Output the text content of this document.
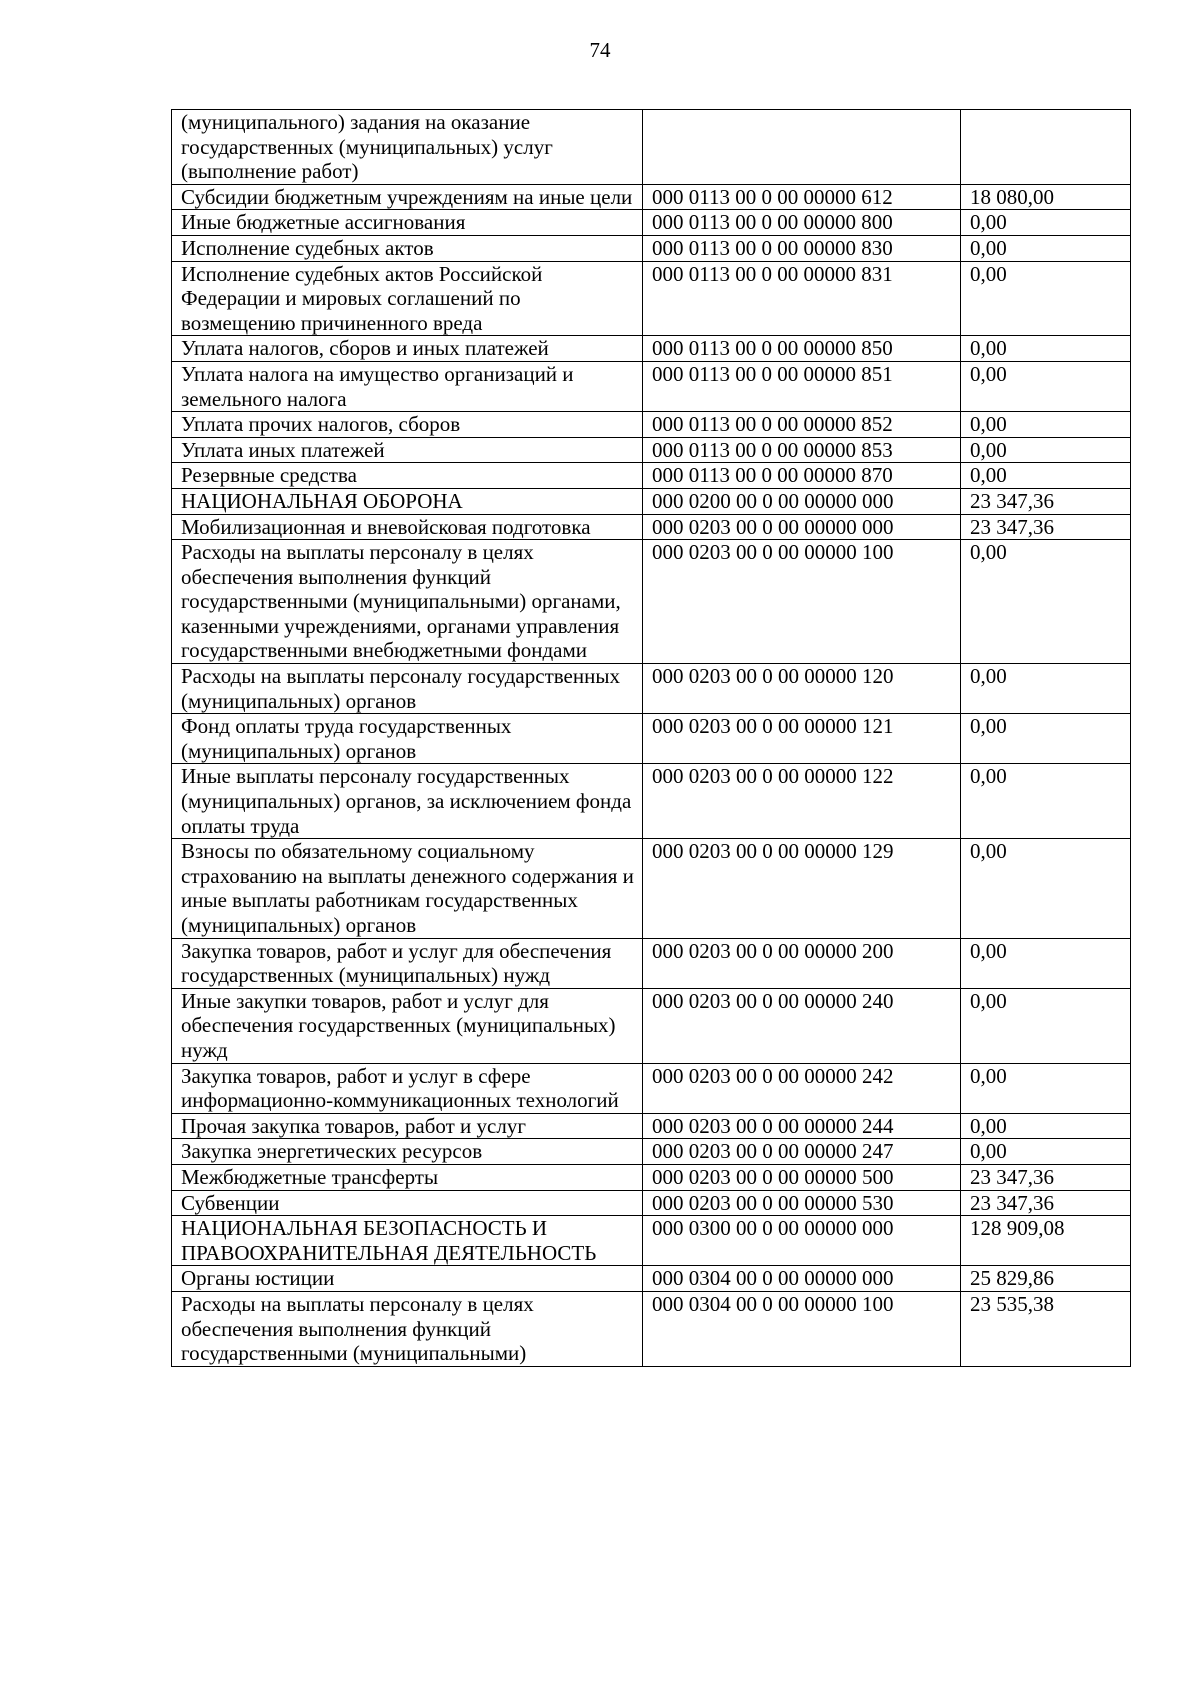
74
(муниципального) задания на оказание государственных (муниципальных) услуг (выполнение работ)		
Субсидии бюджетным учреждениям на иные цели	000 0113 00 0 00 00000 612	18 080,00
Иные бюджетные ассигнования	000 0113 00 0 00 00000 800	0,00
Исполнение судебных актов	000 0113 00 0 00 00000 830	0,00
Исполнение судебных актов Российской Федерации и мировых соглашений по возмещению причиненного вреда	000 0113 00 0 00 00000 831	0,00
Уплата налогов, сборов и иных платежей	000 0113 00 0 00 00000 850	0,00
Уплата налога на имущество организаций и земельного налога	000 0113 00 0 00 00000 851	0,00
Уплата прочих налогов, сборов	000 0113 00 0 00 00000 852	0,00
Уплата иных платежей	000 0113 00 0 00 00000 853	0,00
Резервные средства	000 0113 00 0 00 00000 870	0,00
НАЦИОНАЛЬНАЯ ОБОРОНА	000 0200 00 0 00 00000 000	23 347,36
Мобилизационная и вневойсковая подготовка	000 0203 00 0 00 00000 000	23 347,36
Расходы на выплаты персоналу в целях обеспечения выполнения функций государственными (муниципальными) органами, казенными учреждениями, органами управления государственными внебюджетными фондами	000 0203 00 0 00 00000 100	0,00
Расходы на выплаты персоналу государственных (муниципальных) органов	000 0203 00 0 00 00000 120	0,00
Фонд оплаты труда государственных (муниципальных) органов	000 0203 00 0 00 00000 121	0,00
Иные выплаты персоналу государственных (муниципальных) органов, за исключением фонда оплаты труда	000 0203 00 0 00 00000 122	0,00
Взносы по обязательному социальному страхованию на выплаты денежного содержания и иные выплаты работникам государственных (муниципальных) органов	000 0203 00 0 00 00000 129	0,00
Закупка товаров, работ и услуг для обеспечения государственных (муниципальных) нужд	000 0203 00 0 00 00000 200	0,00
Иные закупки товаров, работ и услуг для обеспечения государственных (муниципальных) нужд	000 0203 00 0 00 00000 240	0,00
Закупка товаров, работ и услуг в сфере информационно-коммуникационных технологий	000 0203 00 0 00 00000 242	0,00
Прочая закупка товаров, работ и услуг	000 0203 00 0 00 00000 244	0,00
Закупка энергетических ресурсов	000 0203 00 0 00 00000 247	0,00
Межбюджетные трансферты	000 0203 00 0 00 00000 500	23 347,36
Субвенции	000 0203 00 0 00 00000 530	23 347,36
НАЦИОНАЛЬНАЯ БЕЗОПАСНОСТЬ И ПРАВООХРАНИТЕЛЬНАЯ ДЕЯТЕЛЬНОСТЬ	000 0300 00 0 00 00000 000	128 909,08
Органы юстиции	000 0304 00 0 00 00000 000	25 829,86
Расходы на выплаты персоналу в целях обеспечения выполнения функций государственными (муниципальными)	000 0304 00 0 00 00000 100	23 535,38
